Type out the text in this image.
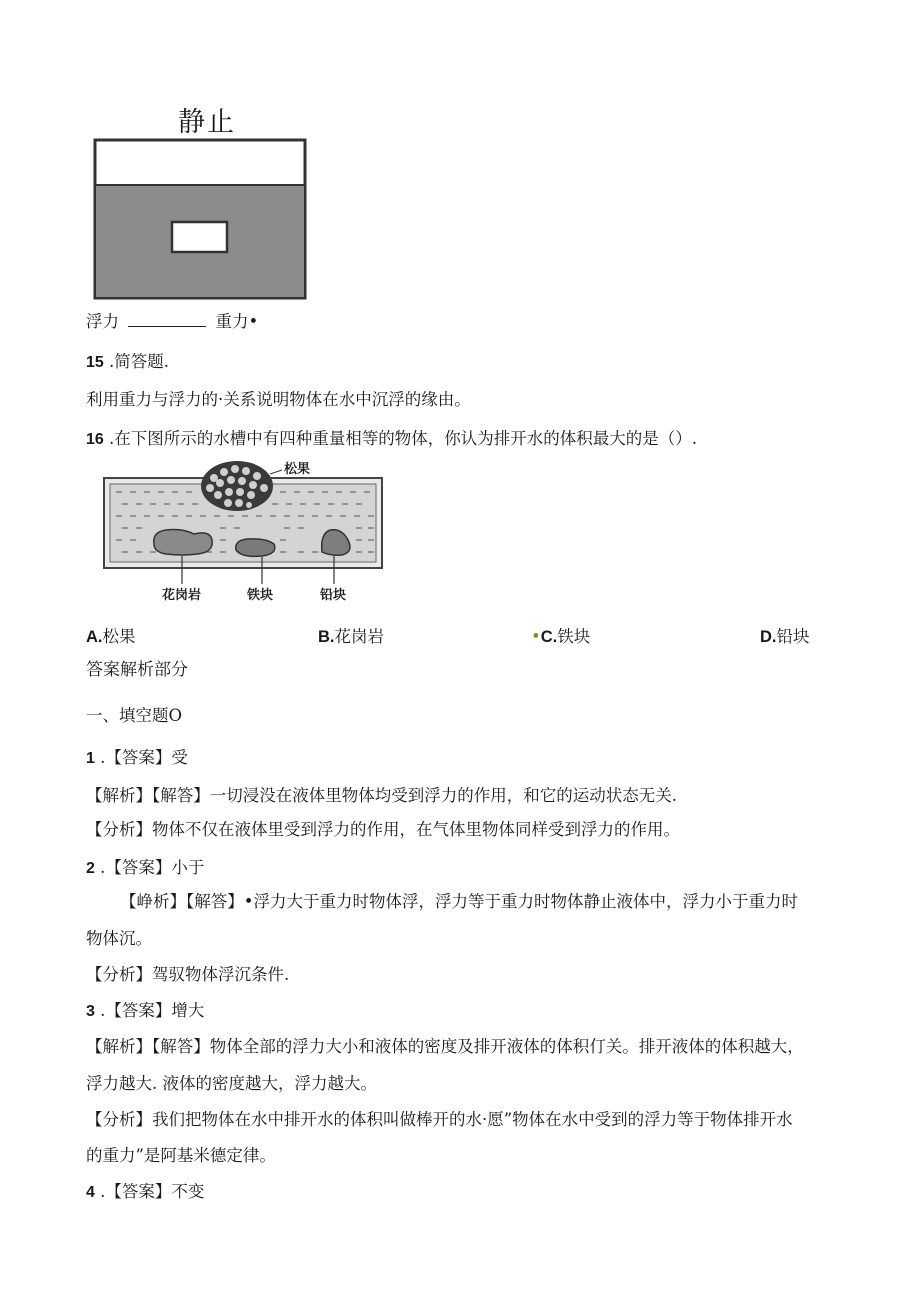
静止
浮力	重力•
15 .简答题.
利用重力与浮力的·关系说明物体在水中沉浮的缘由。
16 .在下图所示的水槽中有四种重量相等的物体，你认为排开水的体积最大的是（）.
松果
花岗岩	铁块	铅块
A.松果	B.花岗岩	•C.铁块	D.铅块
答案解析部分
一、填空题O
1 .【答案】受
【解析】【解答】一切浸没在液体里物体均受到浮力的作用，和它的运动状态无关.
【分析】物体不仅在液体里受到浮力的作用，在气体里物体同样受到浮力的作用。
2 .【答案】小于
【峥析】【解答】•浮力大于重力时物体浮，浮力等于重力时物体静止液体中，浮力小于重力时
物体沉。
【分析】驾驭物体浮沉条件.
3 .【答案】增大
【解析】【解答】物体全部的浮力大小和液体的密度及排开液体的体积仃关。排开液体的体积越大，
浮力越大. 液体的密度越大，浮力越大。
【分析】我们把物体在水中排开水的体积叫做棒开的水·愿”物体在水中受到的浮力等于物体排开水
的重力”是阿基米德定律。
4 .【答案】不变
